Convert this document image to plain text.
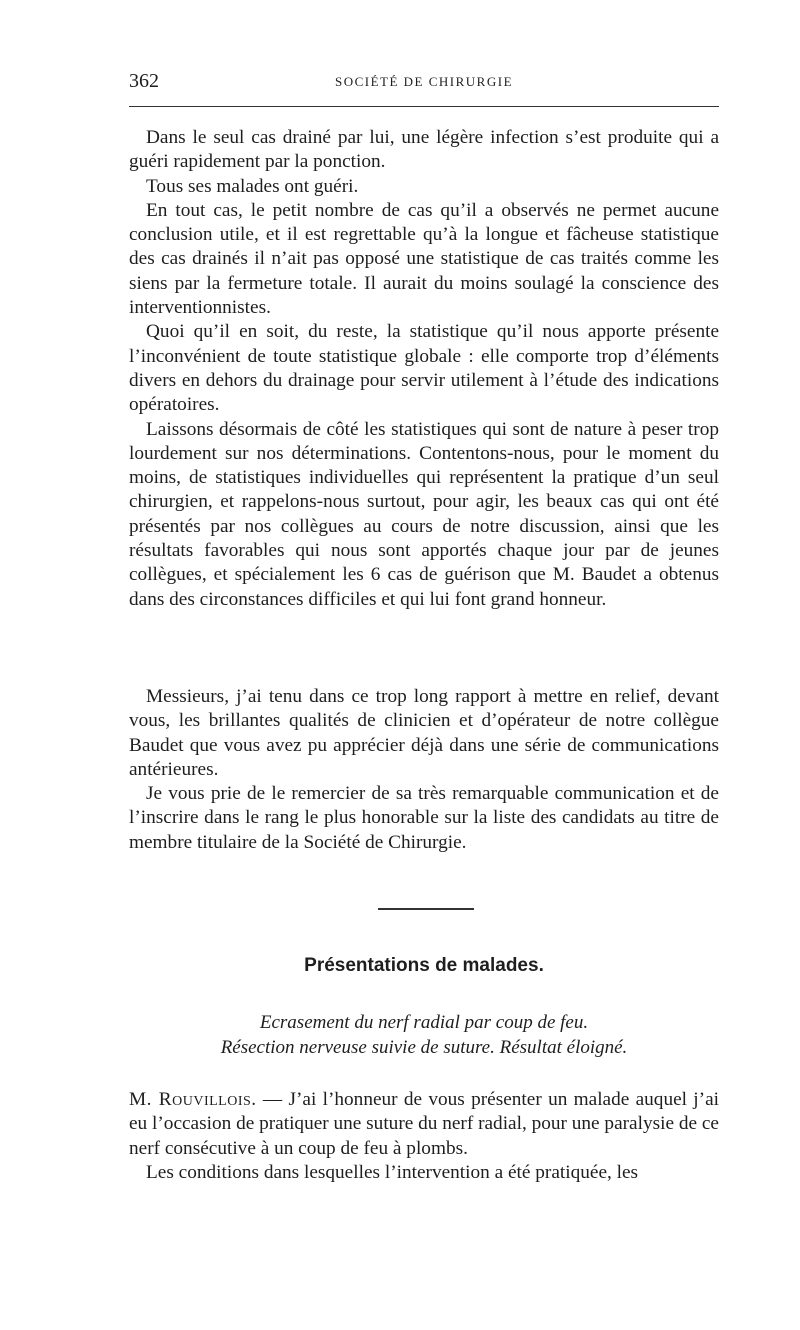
362	SOCIÉTÉ DE CHIRURGIE

Dans le seul cas drainé par lui, une légère infection s’est produite qui a guéri rapidement par la ponction.

Tous ses malades ont guéri.

En tout cas, le petit nombre de cas qu’il a observés ne permet aucune conclusion utile, et il est regrettable qu’à la longue et fâcheuse statistique des cas drainés il n’ait pas opposé une statistique de cas traités comme les siens par la fermeture totale. Il aurait du moins soulagé la conscience des interventionnistes.

Quoi qu’il en soit, du reste, la statistique qu’il nous apporte présente l’inconvénient de toute statistique globale : elle comporte trop d’éléments divers en dehors du drainage pour servir utilement à l’étude des indications opératoires.

Laissons désormais de côté les statistiques qui sont de nature à peser trop lourdement sur nos déterminations. Contentons-nous, pour le moment du moins, de statistiques individuelles qui représentent la pratique d’un seul chirurgien, et rappelons-nous surtout, pour agir, les beaux cas qui ont été présentés par nos collègues au cours de notre discussion, ainsi que les résultats favorables qui nous sont apportés chaque jour par de jeunes collègues, et spécialement les 6 cas de guérison que M. Baudet a obtenus dans des circonstances difficiles et qui lui font grand honneur.

Messieurs, j’ai tenu dans ce trop long rapport à mettre en relief, devant vous, les brillantes qualités de clinicien et d’opérateur de notre collègue Baudet que vous avez pu apprécier déjà dans une série de communications antérieures.

Je vous prie de le remercier de sa très remarquable communication et de l’inscrire dans le rang le plus honorable sur la liste des candidats au titre de membre titulaire de la Société de Chirurgie.

Présentations de malades.
Ecrasement du nerf radial par coup de feu.
Résection nerveuse suivie de suture. Résultat éloigné.

M. Rouvillois. — J’ai l’honneur de vous présenter un malade auquel j’ai eu l’occasion de pratiquer une suture du nerf radial, pour une paralysie de ce nerf consécutive à un coup de feu à plombs.

Les conditions dans lesquelles l’intervention a été pratiquée, les
